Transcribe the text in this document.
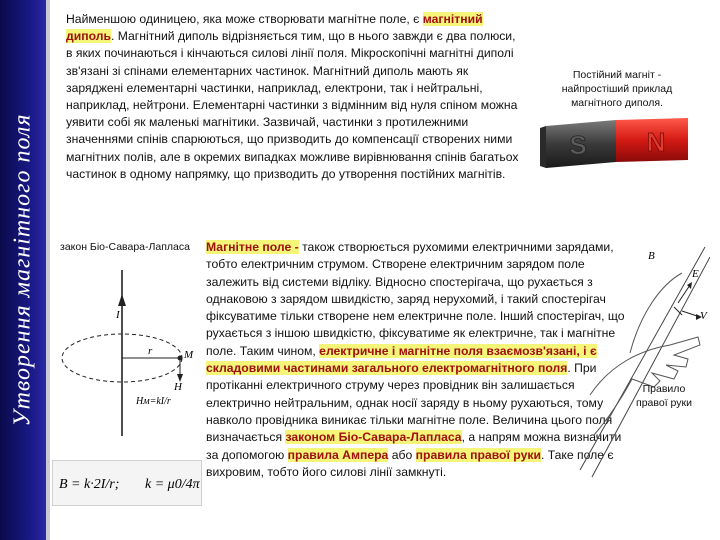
Утворення магнітного поля
Найменшою одиницею, яка може створювати магнітне поле, є магнітний диполь. Магнітний диполь відрізняється тим, що в нього завжди є два полюси, в яких починаються і кінчаються силові лінії поля. Мікроскопічні магнітні диполі зв'язані зі спінами елементарних частинок. Магнітний диполь мають як заряджені елементарні частинки, наприклад, електрони, так і нейтральні, наприклад, нейтрони. Елементарні частинки з відмінним від нуля спіном можна уявити собі як маленькі магнітики. Зазвичай, частинки з протилежними значеннями спінів спарюються, що призводить до компенсації створених ними магнітних полів, але в окремих випадках можливе вирівнювання спінів багатьох частинок в одному напрямку, що призводить до утворення постійних магнітів.
S N
Постійний магніт - найпростіший приклад магнітного диполя.
закон Біо-Савара-Лапласа
I
r	M
H
Hм=kI/r
B = k·2I/r; k = μ0/4π
Магнітне поле - також створюється рухомими електричними зарядами, тобто електричним струмом. Створене електричним зарядом поле залежить від системи відліку. Відносно спостерігача, що рухається з однаковою з зарядом швидкістю, заряд нерухомий, і такий спостерігач фіксуватиме тільки створене нем електричне поле. Інший спостерігач, що рухається з іншою швидкістю, фіксуватиме як електричне, так і магнітне поле. Таким чином, електричне і магнітне поля взаємозв'язані, і є складовими частинами загального електромагнітного поля. При протіканні електричного струму через провідник він залишається електрично нейтральним, однак носії заряду в ньому рухаються, тому навколо провідника виникає тільки магнітне поле. Величина цього поля визначається законом Біо-Савара-Лапласа, а напрям можна визначити за допомогою правила Ампера або правила правої руки. Таке поле є вихровим, тобто його силові лінії замкнуті.
B
E
V
Правило правої руки
